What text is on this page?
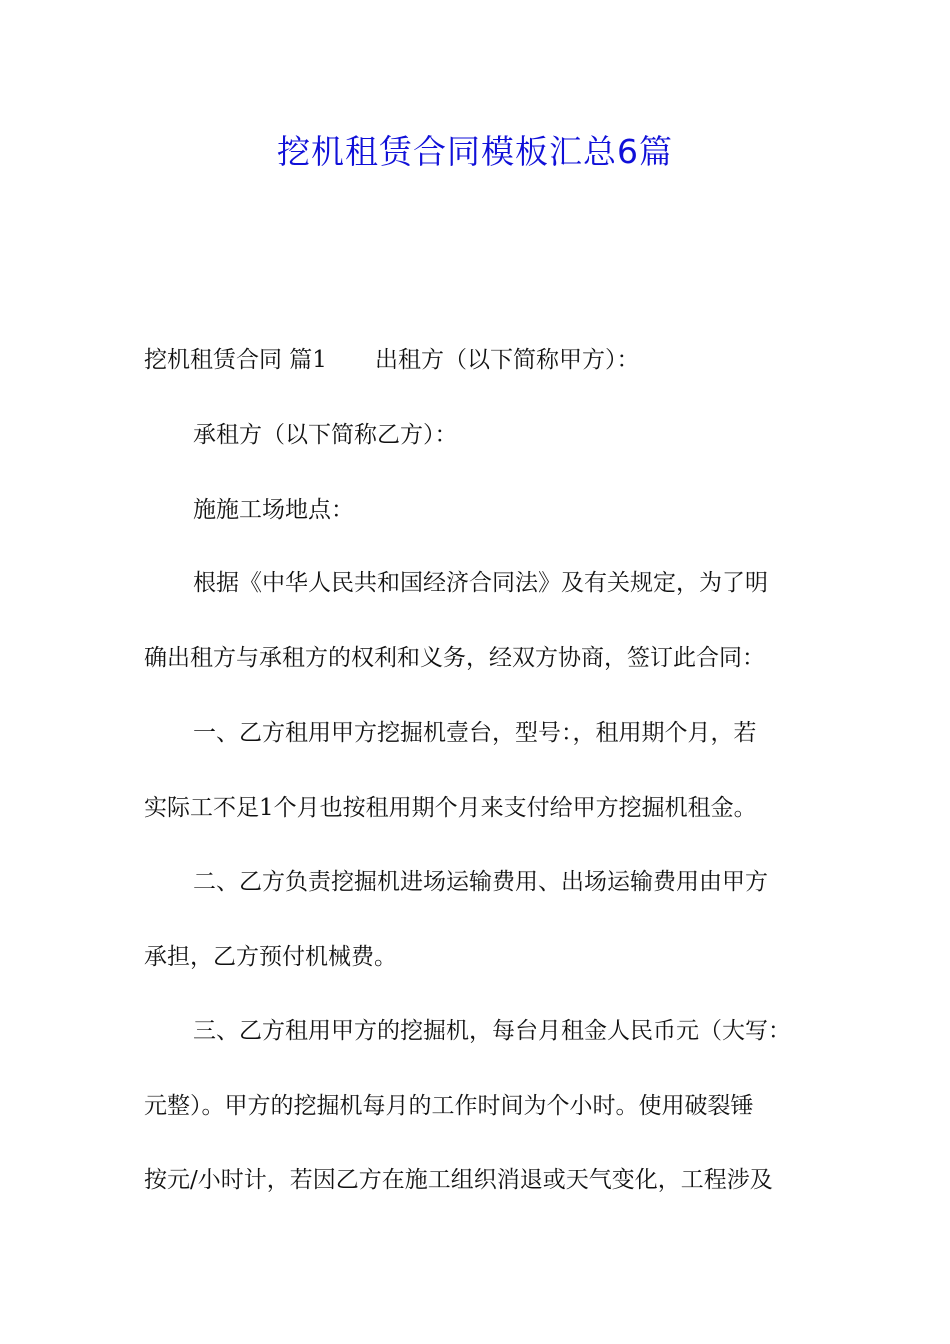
挖机租赁合同模板汇总6篇
挖机租赁合同 篇1 出租方（以下简称甲方）：
承租方（以下简称乙方）：
施施工场地点：
根据《中华人民共和国经济合同法》及有关规定，为了明
确出租方与承租方的权利和义务，经双方协商，签订此合同：
一、乙方租用甲方挖掘机壹台，型号：，租用期个月，若
实际工不足1个月也按租用期个月来支付给甲方挖掘机租金。
二、乙方负责挖掘机进场运输费用、出场运输费用由甲方
承担，乙方预付机械费。
三、乙方租用甲方的挖掘机，每台月租金人民币元（大写：
元整）。甲方的挖掘机每月的工作时间为个小时。使用破裂锤
按元/小时计，若因乙方在施工组织消退或天气变化，工程涉及
